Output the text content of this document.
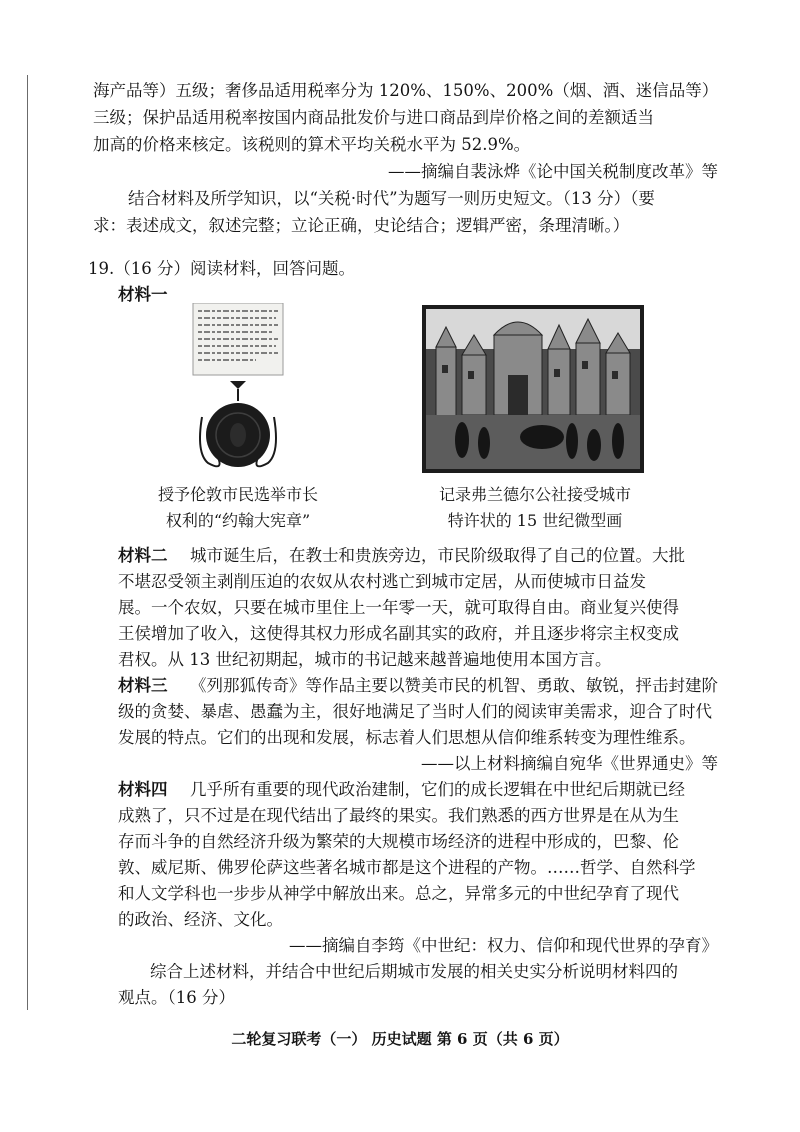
海产品等）五级；奢侈品适用税率分为 120%、150%、200%（烟、酒、迷信品等）

三级；保护品适用税率按国内商品批发价与进口商品到岸价格之间的差额适当

加高的价格来核定。该税则的算术平均关税水平为 52.9%。

——摘编自裴泳烨《论中国关税制度改革》等

结合材料及所学知识，以“关税·时代”为题写一则历史短文。（13 分）（要

求：表述成文，叙述完整；立论正确，史论结合；逻辑严密，条理清晰。）

19.（16 分）阅读材料，回答问题。

材料一

授予伦敦市民选举市长
权利的“约翰大宪章”
记录弗兰德尔公社接受城市
特许状的 15 世纪微型画

材料二 城市诞生后，在教士和贵族旁边，市民阶级取得了自己的位置。大批

不堪忍受领主剥削压迫的农奴从农村逃亡到城市定居，从而使城市日益发

展。一个农奴，只要在城市里住上一年零一天，就可取得自由。商业复兴使得

王侯增加了收入，这使得其权力形成名副其实的政府，并且逐步将宗主权变成

君权。从 13 世纪初期起，城市的书记越来越普遍地使用本国方言。

材料三 《列那狐传奇》等作品主要以赞美市民的机智、勇敢、敏锐，抨击封建阶

级的贪婪、暴虐、愚蠢为主，很好地满足了当时人们的阅读审美需求，迎合了时代

发展的特点。它们的出现和发展，标志着人们思想从信仰维系转变为理性维系。

——以上材料摘编自宛华《世界通史》等

材料四 几乎所有重要的现代政治建制，它们的成长逻辑在中世纪后期就已经

成熟了，只不过是在现代结出了最终的果实。我们熟悉的西方世界是在从为生

存而斗争的自然经济升级为繁荣的大规模市场经济的进程中形成的，巴黎、伦

敦、威尼斯、佛罗伦萨这些著名城市都是这个进程的产物。……哲学、自然科学

和人文学科也一步步从神学中解放出来。总之，异常多元的中世纪孕育了现代

的政治、经济、文化。

——摘编自李筠《中世纪：权力、信仰和现代世界的孕育》

综合上述材料，并结合中世纪后期城市发展的相关史实分析说明材料四的

观点。（16 分）

二轮复习联考（一） 历史试题 第 6 页（共 6 页）
